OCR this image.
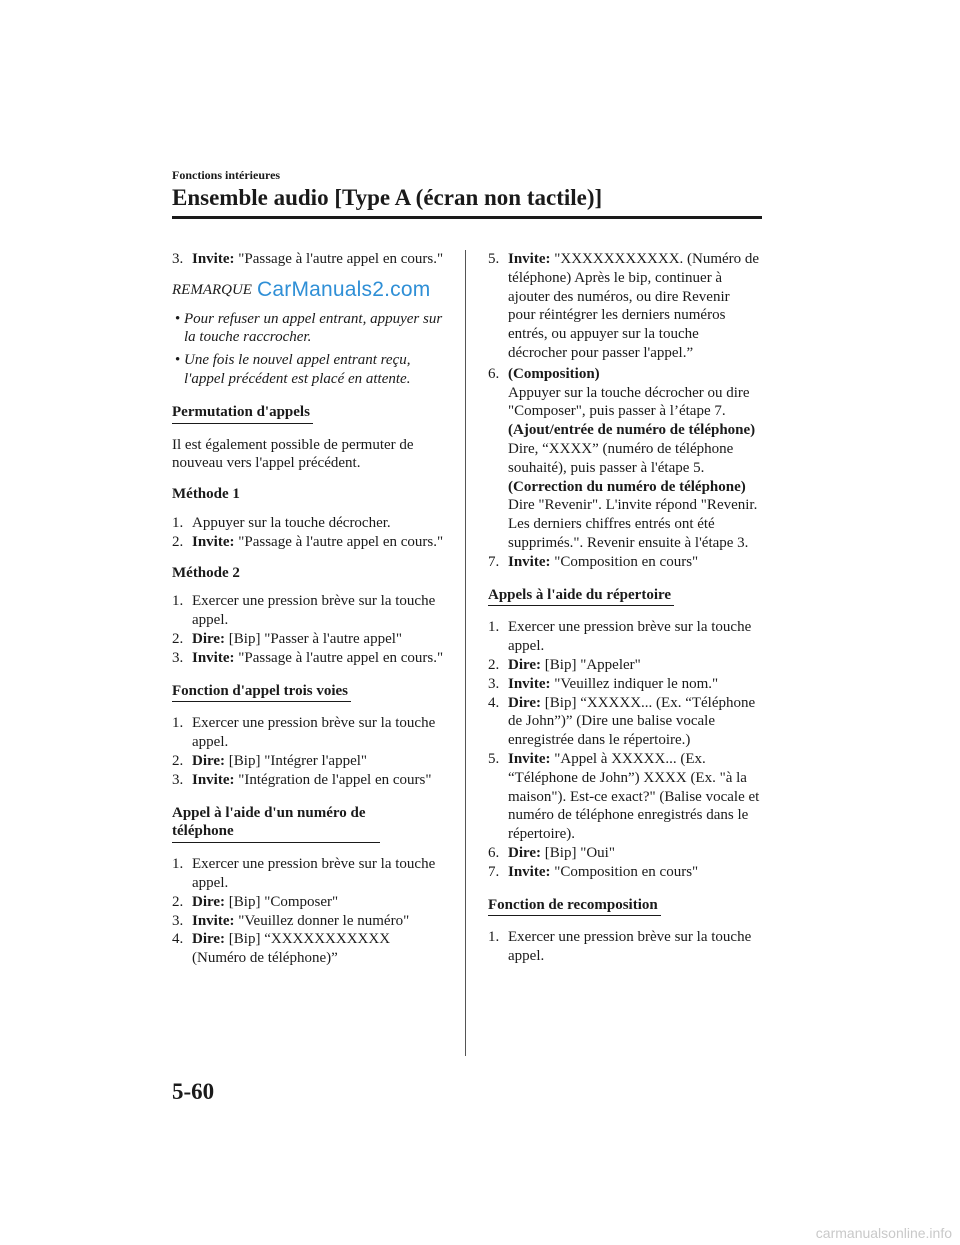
Fonctions intérieures
Ensemble audio [Type A (écran non tactile)]
CarManuals2.com

3. Invite: "Passage à l'autre appel en cours."

REMARQUE

• Pour refuser un appel entrant, appuyer sur la touche raccrocher.

• Une fois le nouvel appel entrant reçu, l'appel précédent est placé en attente.

Permutation d'appels

Il est également possible de permuter de nouveau vers l'appel précédent.

Méthode 1

1. Appuyer sur la touche décrocher.

2. Invite: "Passage à l'autre appel en cours."

Méthode 2

1. Exercer une pression brève sur la touche appel.

2. Dire: [Bip] "Passer à l'autre appel"

3. Invite: "Passage à l'autre appel en cours."

Fonction d'appel trois voies

1. Exercer une pression brève sur la touche appel.

2. Dire: [Bip] "Intégrer l'appel"

3. Invite: "Intégration de l'appel en cours"

Appel à l'aide d'un numéro de téléphone

1. Exercer une pression brève sur la touche appel.

2. Dire: [Bip] "Composer"

3. Invite: "Veuillez donner le numéro"

4. Dire: [Bip] “XXXXXXXXXXX (Numéro de téléphone)”

5. Invite: "XXXXXXXXXXX. (Numéro de téléphone) Après le bip, continuer à ajouter des numéros, ou dire Revenir pour réintégrer les derniers numéros entrés, ou appuyer sur la touche décrocher pour passer l'appel.”

6. (Composition)
Appuyer sur la touche décrocher ou dire "Composer", puis passer à l’étape 7.
(Ajout/entrée de numéro de téléphone)
Dire, “XXXX” (numéro de téléphone souhaité), puis passer à l'étape 5.
(Correction du numéro de téléphone)
Dire "Revenir". L'invite répond "Revenir. Les derniers chiffres entrés ont été supprimés.". Revenir ensuite à l'étape 3.

7. Invite: "Composition en cours"

Appels à l'aide du répertoire

1. Exercer une pression brève sur la touche appel.

2. Dire: [Bip] "Appeler"

3. Invite: "Veuillez indiquer le nom."

4. Dire: [Bip] “XXXXX... (Ex. “Téléphone de John”)” (Dire une balise vocale enregistrée dans le répertoire.)

5. Invite: "Appel à XXXXX... (Ex. “Téléphone de John”) XXXX (Ex. "à la maison"). Est-ce exact?" (Balise vocale et numéro de téléphone enregistrés dans le répertoire).

6. Dire: [Bip] "Oui"

7. Invite: "Composition en cours"

Fonction de recomposition

1. Exercer une pression brève sur la touche appel.

5-60
carmanualsonline.info
